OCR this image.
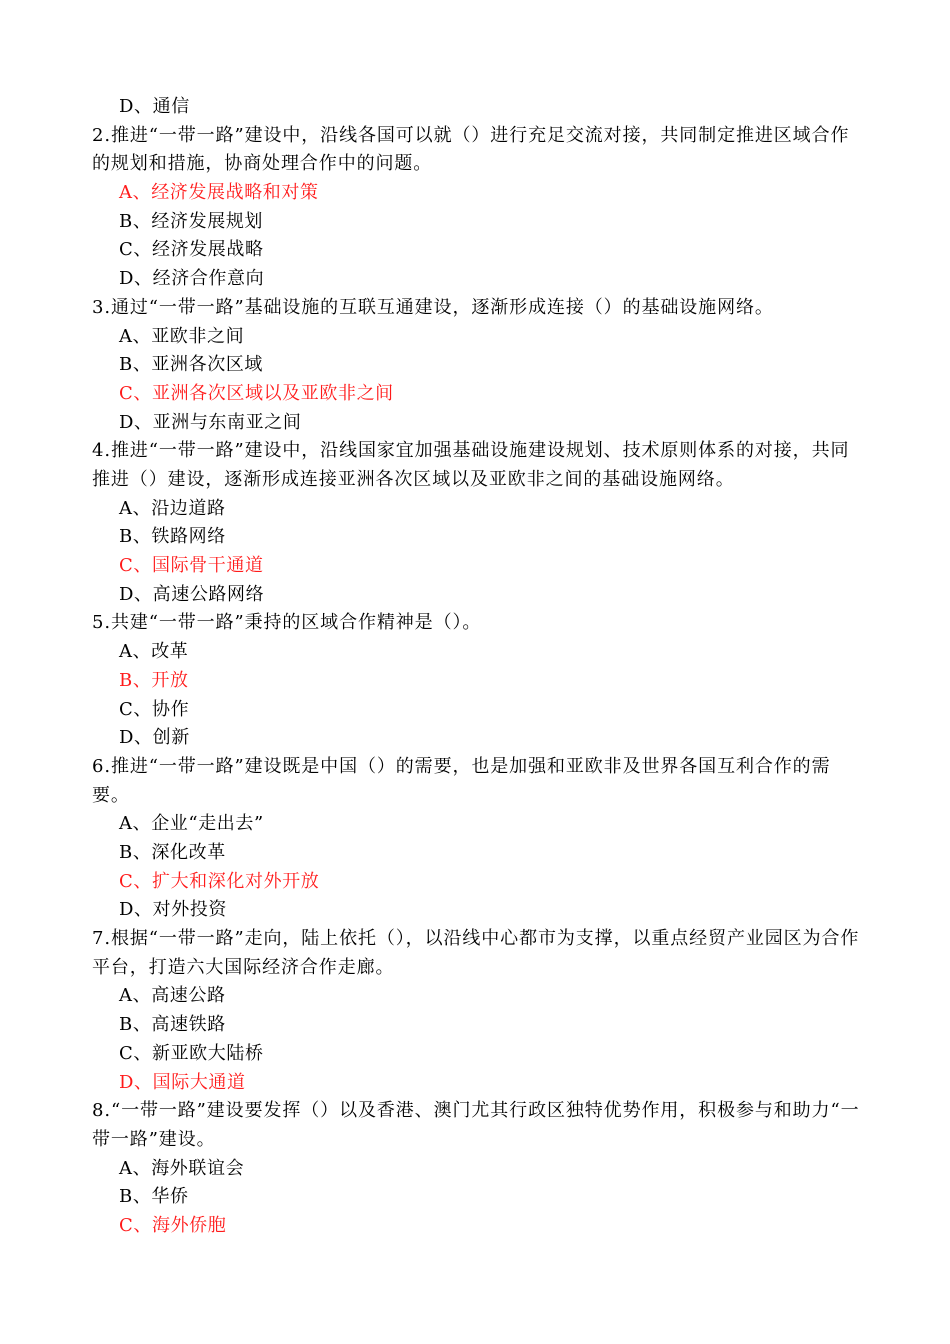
D、通信
2.推进“一带一路”建设中，沿线各国可以就（）进行充足交流对接，共同制定推进区域合作的规划和措施，协商处理合作中的问题。
A、经济发展战略和对策
B、经济发展规划
C、经济发展战略
D、经济合作意向
3.通过“一带一路”基础设施的互联互通建设，逐渐形成连接（）的基础设施网络。
A、亚欧非之间
B、亚洲各次区域
C、亚洲各次区域以及亚欧非之间
D、亚洲与东南亚之间
4.推进“一带一路”建设中，沿线国家宜加强基础设施建设规划、技术原则体系的对接，共同推进（）建设，逐渐形成连接亚洲各次区域以及亚欧非之间的基础设施网络。
A、沿边道路
B、铁路网络
C、国际骨干通道
D、高速公路网络
5.共建“一带一路”秉持的区域合作精神是（）。
A、改革
B、开放
C、协作
D、创新
6.推进“一带一路”建设既是中国（）的需要，也是加强和亚欧非及世界各国互利合作的需要。
A、企业“走出去”
B、深化改革
C、扩大和深化对外开放
D、对外投资
7.根据“一带一路”走向，陆上依托（），以沿线中心都市为支撑，以重点经贸产业园区为合作平台，打造六大国际经济合作走廊。
A、高速公路
B、高速铁路
C、新亚欧大陆桥
D、国际大通道
8.“一带一路”建设要发挥（）以及香港、澳门尤其行政区独特优势作用，积极参与和助力“一带一路”建设。
A、海外联谊会
B、华侨
C、海外侨胞
